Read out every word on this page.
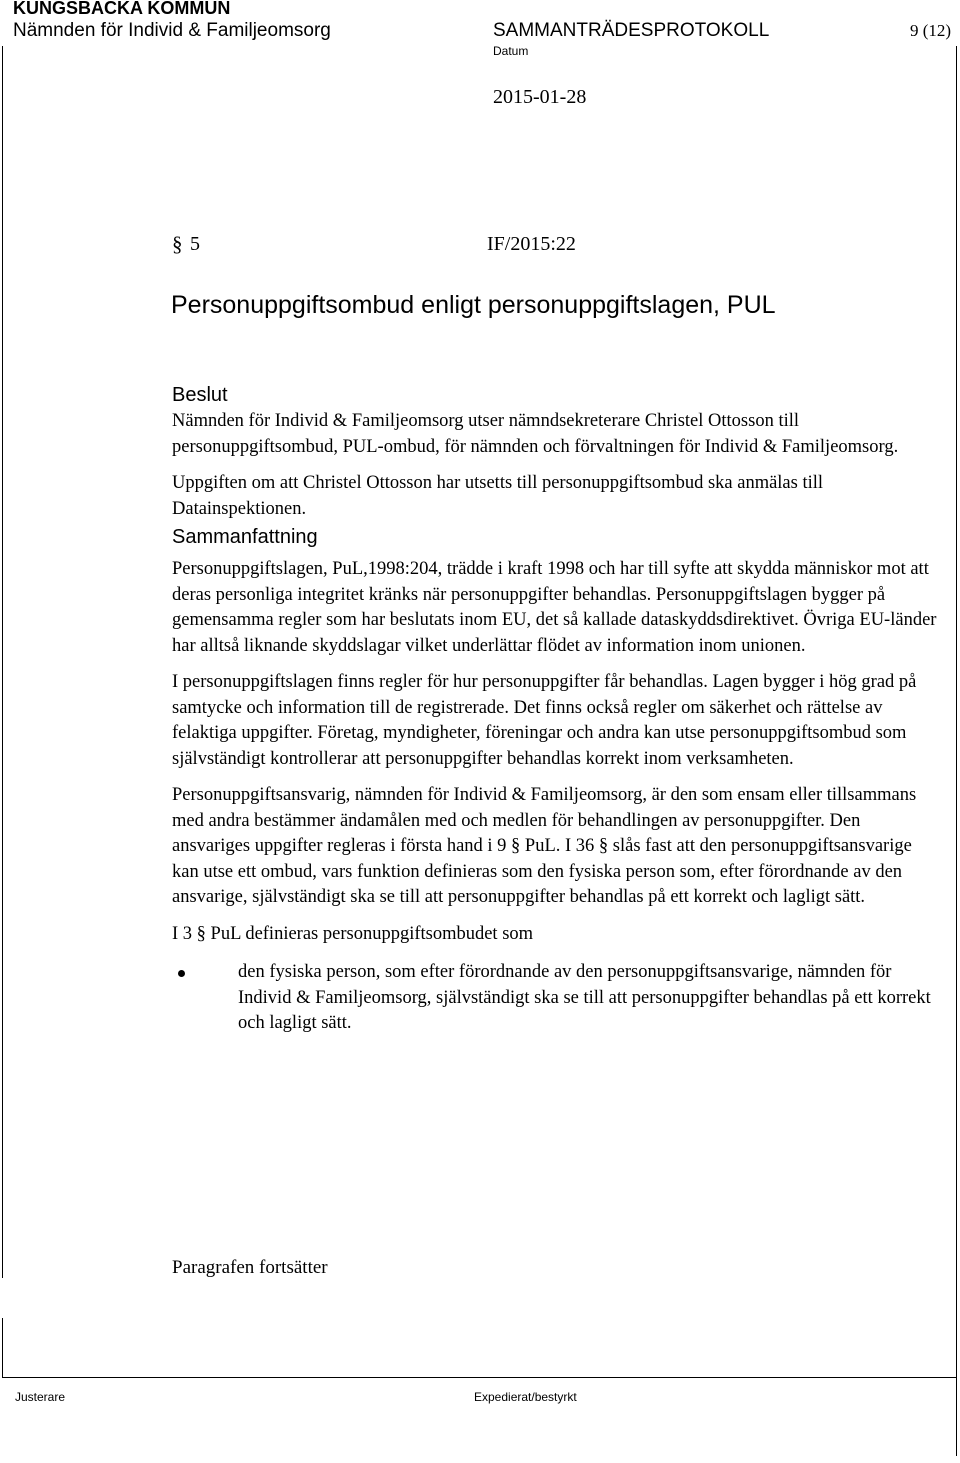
KUNGSBACKA KOMMUN
Nämnden för Individ & Familjeomsorg	SAMMANTRÄDESPROTOKOLL	9 (12)
Datum
2015-01-28
§ 5	IF/2015:22
Personuppgiftsombud enligt personuppgiftslagen, PUL
Beslut

Nämnden för Individ & Familjeomsorg utser nämndsekreterare Christel Ottosson till personuppgiftsombud, PUL-ombud, för nämnden och förvaltningen för Individ & Familjeomsorg.

Uppgiften om att Christel Ottosson har utsetts till personuppgiftsombud ska anmälas till Datainspektionen.

Sammanfattning

Personuppgiftslagen, PuL,1998:204, trädde i kraft 1998 och har till syfte att skydda människor mot att deras personliga integritet kränks när personuppgifter behandlas. Personuppgiftslagen bygger på gemensamma regler som har beslutats inom EU, det så kallade dataskyddsdirektivet. Övriga EU-länder har alltså liknande skyddslagar vilket underlättar flödet av information inom unionen.

I personuppgiftslagen finns regler för hur personuppgifter får behandlas. Lagen bygger i hög grad på samtycke och information till de registrerade. Det finns också regler om säkerhet och rättelse av felaktiga uppgifter. Företag, myndigheter, föreningar och andra kan utse personuppgiftsombud som självständigt kontrollerar att personuppgifter behandlas korrekt inom verksamheten.

Personuppgiftsansvarig, nämnden för Individ & Familjeomsorg, är den som ensam eller tillsammans med andra bestämmer ändamålen med och medlen för behandlingen av personuppgifter. Den ansvariges uppgifter regleras i första hand i 9 § PuL. I 36 § slås fast att den personuppgiftsansvarige kan utse ett ombud, vars funktion definieras som den fysiska person som, efter förordnande av den ansvarige, självständigt ska se till att personuppgifter behandlas på ett korrekt och lagligt sätt.

I 3 § PuL definieras personuppgiftsombudet som

den fysiska person, som efter förordnande av den personuppgiftsansvarige, nämnden för Individ & Familjeomsorg, självständigt ska se till att personuppgifter behandlas på ett korrekt och lagligt sätt.
Paragrafen fortsätter
Justerare	Expedierat/bestyrkt
